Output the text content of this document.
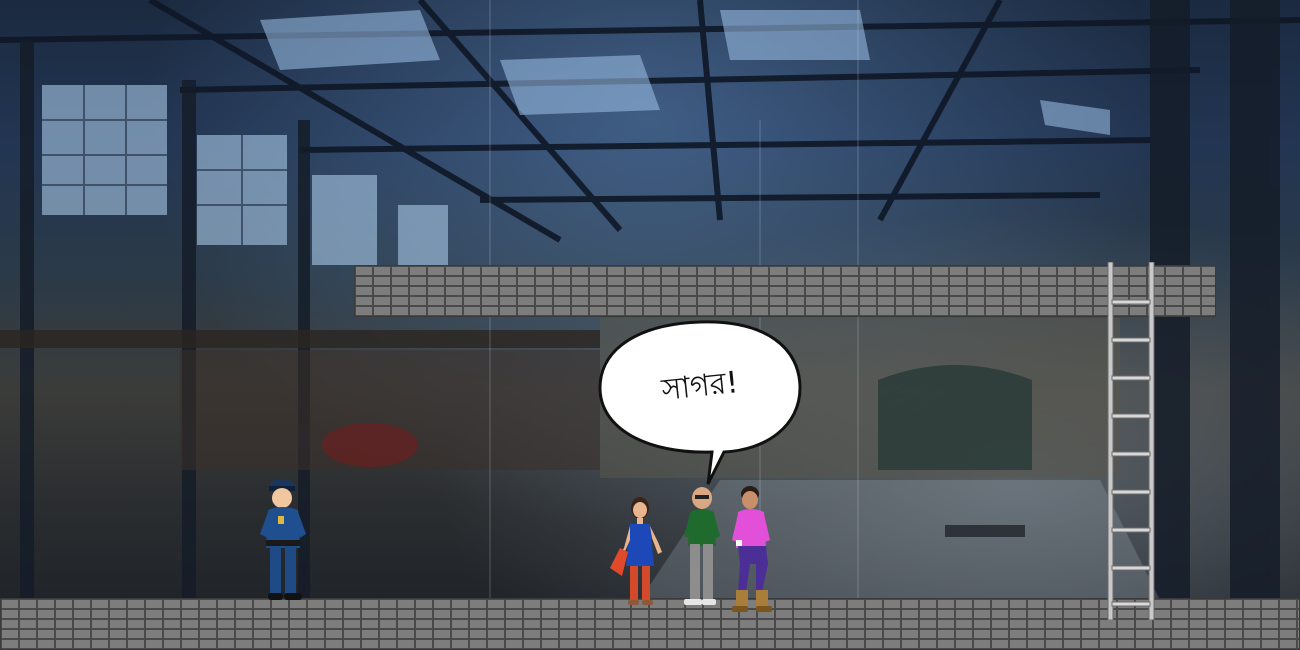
সাগর!
